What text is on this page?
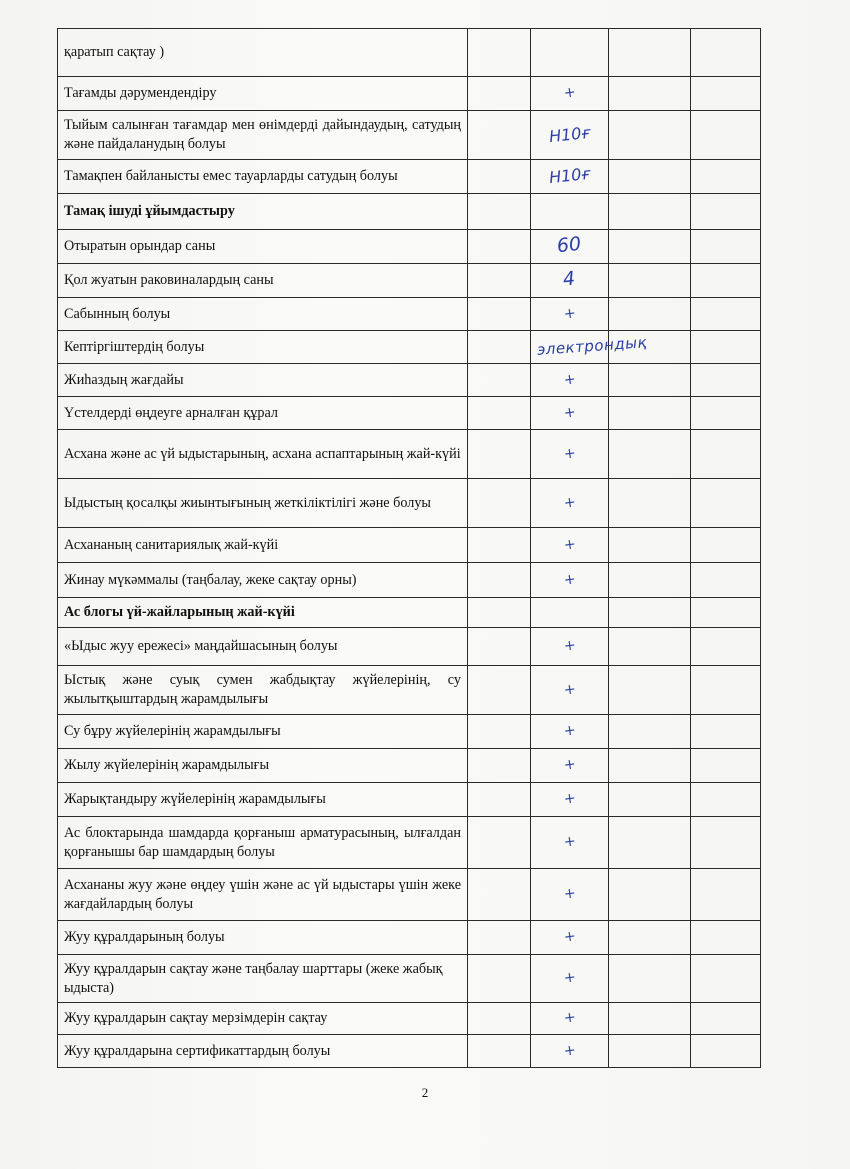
қаратып сақтау )				
Тағамды дәрумендендіру		+		
Тыйым салынған тағамдар мен өнімдерді дайындаудың, сатудың және пайдаланудың болуы		Н10ғ		
Тамақпен байланысты емес тауарларды сатудың болуы		Н10ғ		
Тамақ ішуді ұйымдастыру				
Отыратын орындар саны		60		
Қол жуатын раковиналардың саны		4		
Сабынның болуы		+		
Кептіргіштердің болуы		электрондық		
Жиһаздың жағдайы		+		
Үстелдерді өңдеуге арналған құрал		+		
Асхана және ас үй ыдыстарының, асхана аспаптарының жай-күйі		+		
Ыдыстың қосалқы жиынтығының жеткіліктілігі және болуы		+		
Асхананың санитариялық жай-күйі		+		
Жинау мүкәммалы (таңбалау, жеке сақтау орны)		+		
Ас блогы үй-жайларының жай-күйі				
«Ыдыс жуу ережесі» маңдайшасының болуы		+		
Ыстық және суық сумен жабдықтау жүйелерінің, су жылытқыштардың жарамдылығы		+		
Су бұру жүйелерінің жарамдылығы		+		
Жылу жүйелерінің жарамдылығы		+		
Жарықтандыру жүйелерінің жарамдылығы		+		
Ас блоктарында шамдарда қорғаныш арматурасының, ылғалдан қорғанышы бар шамдардың болуы		+		
Асхананы жуу және өңдеу үшін және ас үй ыдыстары үшін жеке жағдайлардың болуы		+		
Жуу құралдарының болуы		+		
Жуу құралдарын сақтау және таңбалау шарттары (жеке жабық ыдыста)		+		
Жуу құралдарын сақтау мерзімдерін сақтау		+		
Жуу құралдарына сертификаттардың болуы		+		
2
